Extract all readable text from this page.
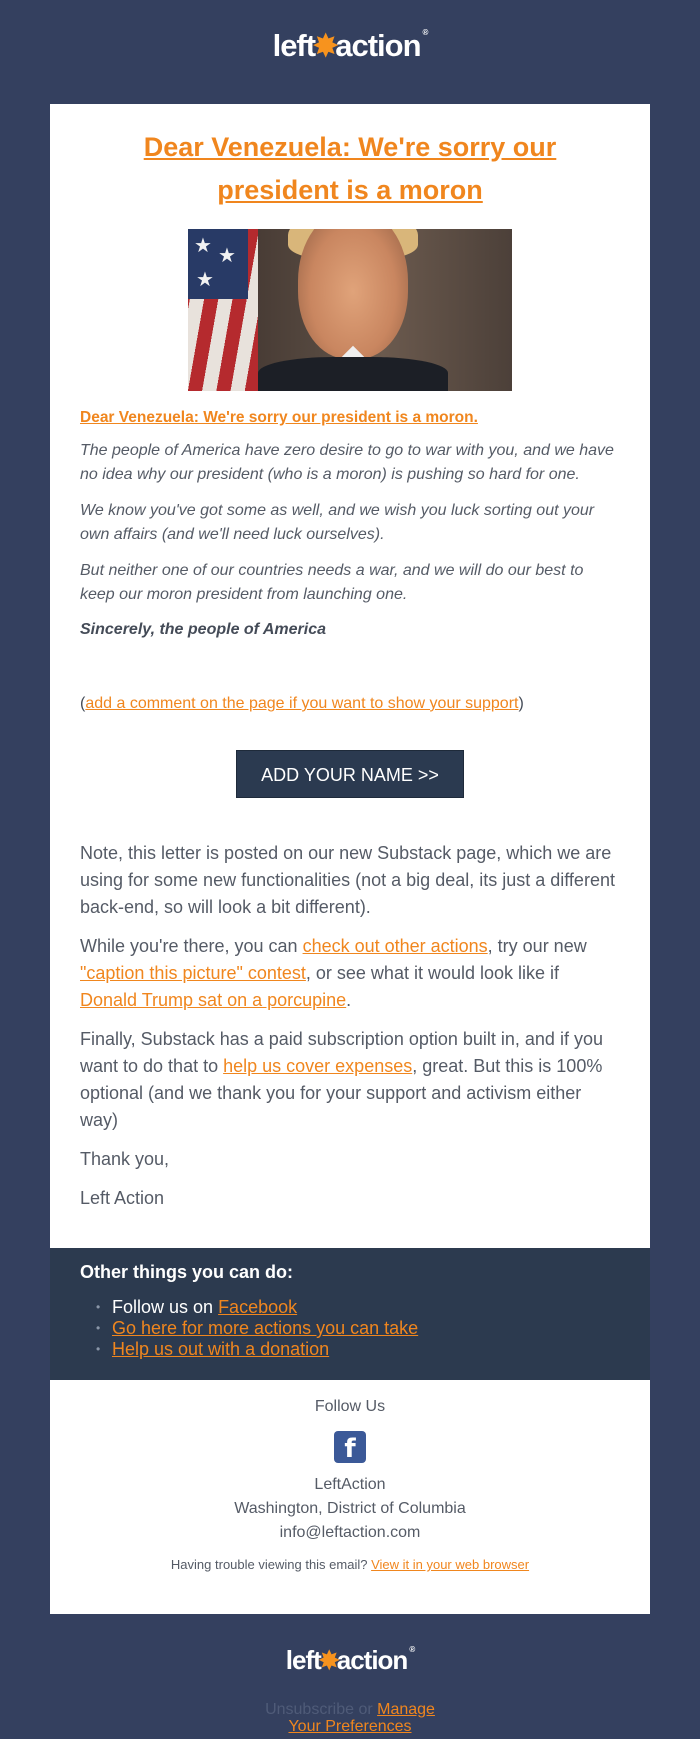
left✸action ®
Dear Venezuela: We're sorry our president is a moron
★ ★
★
Dear Venezuela: We're sorry our president is a moron.

The people of America have zero desire to go to war with you, and we have no idea why our president (who is a moron) is pushing so hard for one.

We know you've got some as well, and we wish you luck sorting out your own affairs (and we'll need luck ourselves).

But neither one of our countries needs a war, and we will do our best to keep our moron president from launching one.

Sincerely, the people of America

(add a comment on the page if you want to show your support)

ADD YOUR NAME >>

Note, this letter is posted on our new Substack page, which we are using for some new functionalities (not a big deal, its just a different back-end, so will look a bit different).

While you're there, you can check out other actions, try our new "caption this picture" contest, or see what it would look like if Donald Trump sat on a porcupine.

Finally, Substack has a paid subscription option built in, and if you want to do that to help us cover expenses, great. But this is 100% optional (and we thank you for your support and activism either way)

Thank you,

Left Action

Other things you can do:
• Follow us on Facebook
• Go here for more actions you can take
• Help us out with a donation
Follow Us
f
LeftAction
Washington, District of Columbia
info@leftaction.com
Having trouble viewing this email? View it in your web browser
left✸action ®
Unsubscribe or Manage
Your Preferences
